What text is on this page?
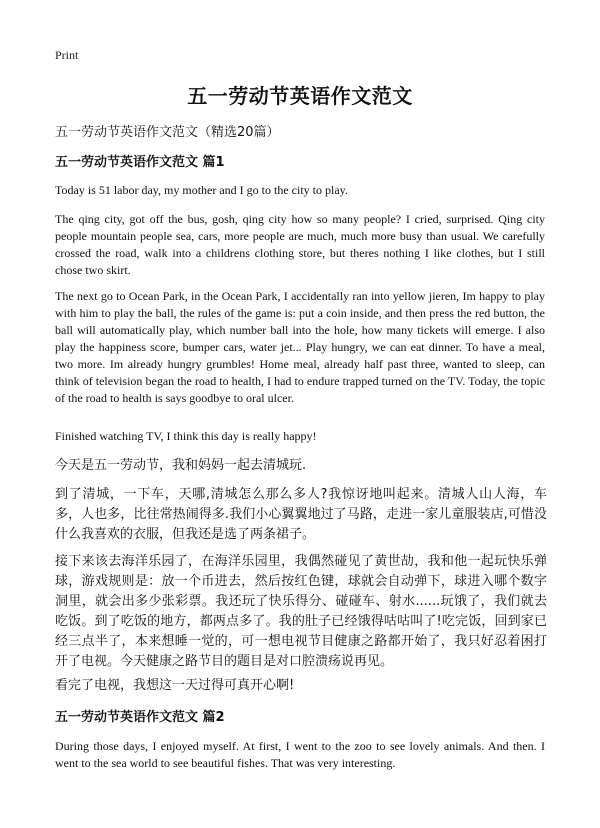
Print
五一劳动节英语作文范文
五一劳动节英语作文范文（精选20篇）
五一劳动节英语作文范文 篇1
Today is 51 labor day, my mother and I go to the city to play.
The qing city, got off the bus, gosh, qing city how so many people? I cried, surprised. Qing city people mountain people sea, cars, more people are much, much more busy than usual. We carefully crossed the road, walk into a childrens clothing store, but theres nothing I like clothes, but I still chose two skirt.
The next go to Ocean Park, in the Ocean Park, I accidentally ran into yellow jieren, Im happy to play with him to play the ball, the rules of the game is: put a coin inside, and then press the red button, the ball will automatically play, which number ball into the hole, how many tickets will emerge. I also play the happiness score, bumper cars, water jet... Play hungry, we can eat dinner. To have a meal, two more. Im already hungry grumbles! Home meal, already half past three, wanted to sleep, can think of television began the road to health, I had to endure trapped turned on the TV. Today, the topic of the road to health is says goodbye to oral ulcer.
Finished watching TV, I think this day is really happy!
今天是五一劳动节，我和妈妈一起去清城玩.
到了清城，一下车，天哪,清城怎么那么多人?我惊讶地叫起来。清城人山人海，车多，人也多，比往常热闹得多.我们小心翼翼地过了马路，走进一家儿童服装店,可惜没什么我喜欢的衣服，但我还是选了两条裙子。
接下来该去海洋乐园了，在海洋乐园里，我偶然碰见了黄世劼，我和他一起玩快乐弹球，游戏规则是：放一个币进去，然后按红色键，球就会自动弹下，球进入哪个数字洞里，就会出多少张彩票。我还玩了快乐得分、碰碰车、射水......玩饿了，我们就去吃饭。到了吃饭的地方，都两点多了。我的肚子已经饿得咕咕叫了!吃完饭，回到家已经三点半了，本来想睡一觉的，可一想电视节目健康之路都开始了，我只好忍着困打开了电视。今天健康之路节目的题目是对口腔溃疡说再见。
看完了电视，我想这一天过得可真开心啊!
五一劳动节英语作文范文 篇2
During those days, I enjoyed myself. At first, I went to the zoo to see lovely animals. And then. I went to the sea world to see beautiful fishes. That was very interesting.
